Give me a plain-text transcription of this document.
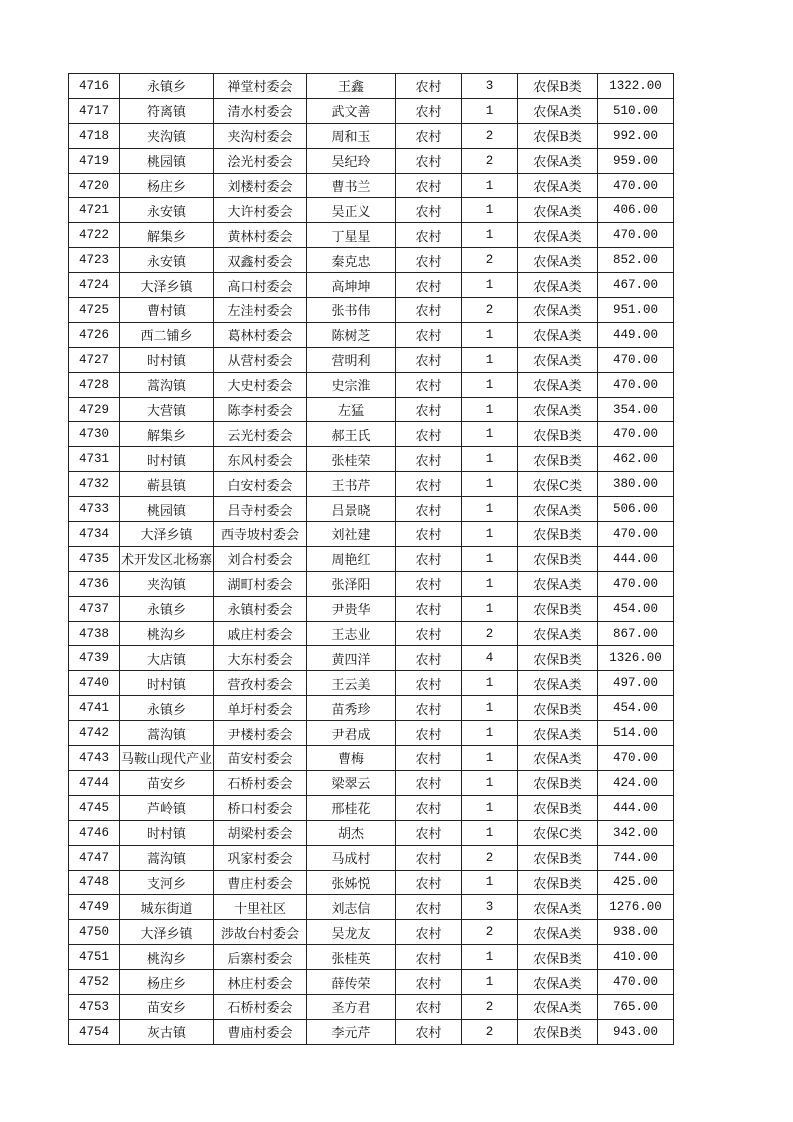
4716	永镇乡	禅堂村委会	王鑫	农村	3	农保B类	1322.00

4717	符离镇	清水村委会	武文善	农村	1	农保A类	510.00

4718	夹沟镇	夹沟村委会	周和玉	农村	2	农保B类	992.00

4719	桃园镇	浍光村委会	吴纪玲	农村	2	农保A类	959.00

4720	杨庄乡	刘楼村委会	曹书兰	农村	1	农保A类	470.00

4721	永安镇	大许村委会	吴正义	农村	1	农保A类	406.00

4722	解集乡	黄林村委会	丁星星	农村	1	农保A类	470.00

4723	永安镇	双鑫村委会	秦克忠	农村	2	农保A类	852.00

4724	大泽乡镇	高口村委会	高坤坤	农村	1	农保A类	467.00

4725	曹村镇	左洼村委会	张书伟	农村	2	农保A类	951.00

4726	西二铺乡	葛林村委会	陈树芝	农村	1	农保A类	449.00

4727	时村镇	从营村委会	营明利	农村	1	农保A类	470.00

4728	蒿沟镇	大史村委会	史宗淮	农村	1	农保A类	470.00

4729	大营镇	陈李村委会	左猛	农村	1	农保A类	354.00

4730	解集乡	云光村委会	郝王氏	农村	1	农保B类	470.00

4731	时村镇	东风村委会	张桂荣	农村	1	农保B类	462.00

4732	蕲县镇	白安村委会	王书芹	农村	1	农保C类	380.00

4733	桃园镇	吕寺村委会	吕景晓	农村	1	农保A类	506.00

4734	大泽乡镇	西寺坡村委会	刘社建	农村	1	农保B类	470.00

4735	术开发区北杨寨	刘合村委会	周艳红	农村	1	农保B类	444.00

4736	夹沟镇	湖町村委会	张泽阳	农村	1	农保A类	470.00

4737	永镇乡	永镇村委会	尹贵华	农村	1	农保B类	454.00

4738	桃沟乡	戚庄村委会	王志业	农村	2	农保A类	867.00

4739	大店镇	大东村委会	黄四洋	农村	4	农保B类	1326.00

4740	时村镇	营孜村委会	王云美	农村	1	农保A类	497.00

4741	永镇乡	单圩村委会	苗秀珍	农村	1	农保B类	454.00

4742	蒿沟镇	尹楼村委会	尹君成	农村	1	农保A类	514.00

4743	马鞍山现代产业	苗安村委会	曹梅	农村	1	农保A类	470.00

4744	苗安乡	石桥村委会	梁翠云	农村	1	农保B类	424.00

4745	芦岭镇	桥口村委会	邢桂花	农村	1	农保B类	444.00

4746	时村镇	胡梁村委会	胡杰	农村	1	农保C类	342.00

4747	蒿沟镇	巩家村委会	马成村	农村	2	农保B类	744.00

4748	支河乡	曹庄村委会	张姊悦	农村	1	农保B类	425.00

4749	城东街道	十里社区	刘志信	农村	3	农保A类	1276.00

4750	大泽乡镇	涉故台村委会	吴龙友	农村	2	农保A类	938.00

4751	桃沟乡	后寨村委会	张桂英	农村	1	农保B类	410.00

4752	杨庄乡	林庄村委会	薛传荣	农村	1	农保A类	470.00

4753	苗安乡	石桥村委会	圣方君	农村	2	农保A类	765.00

4754	灰古镇	曹庙村委会	李元芹	农村	2	农保B类	943.00
